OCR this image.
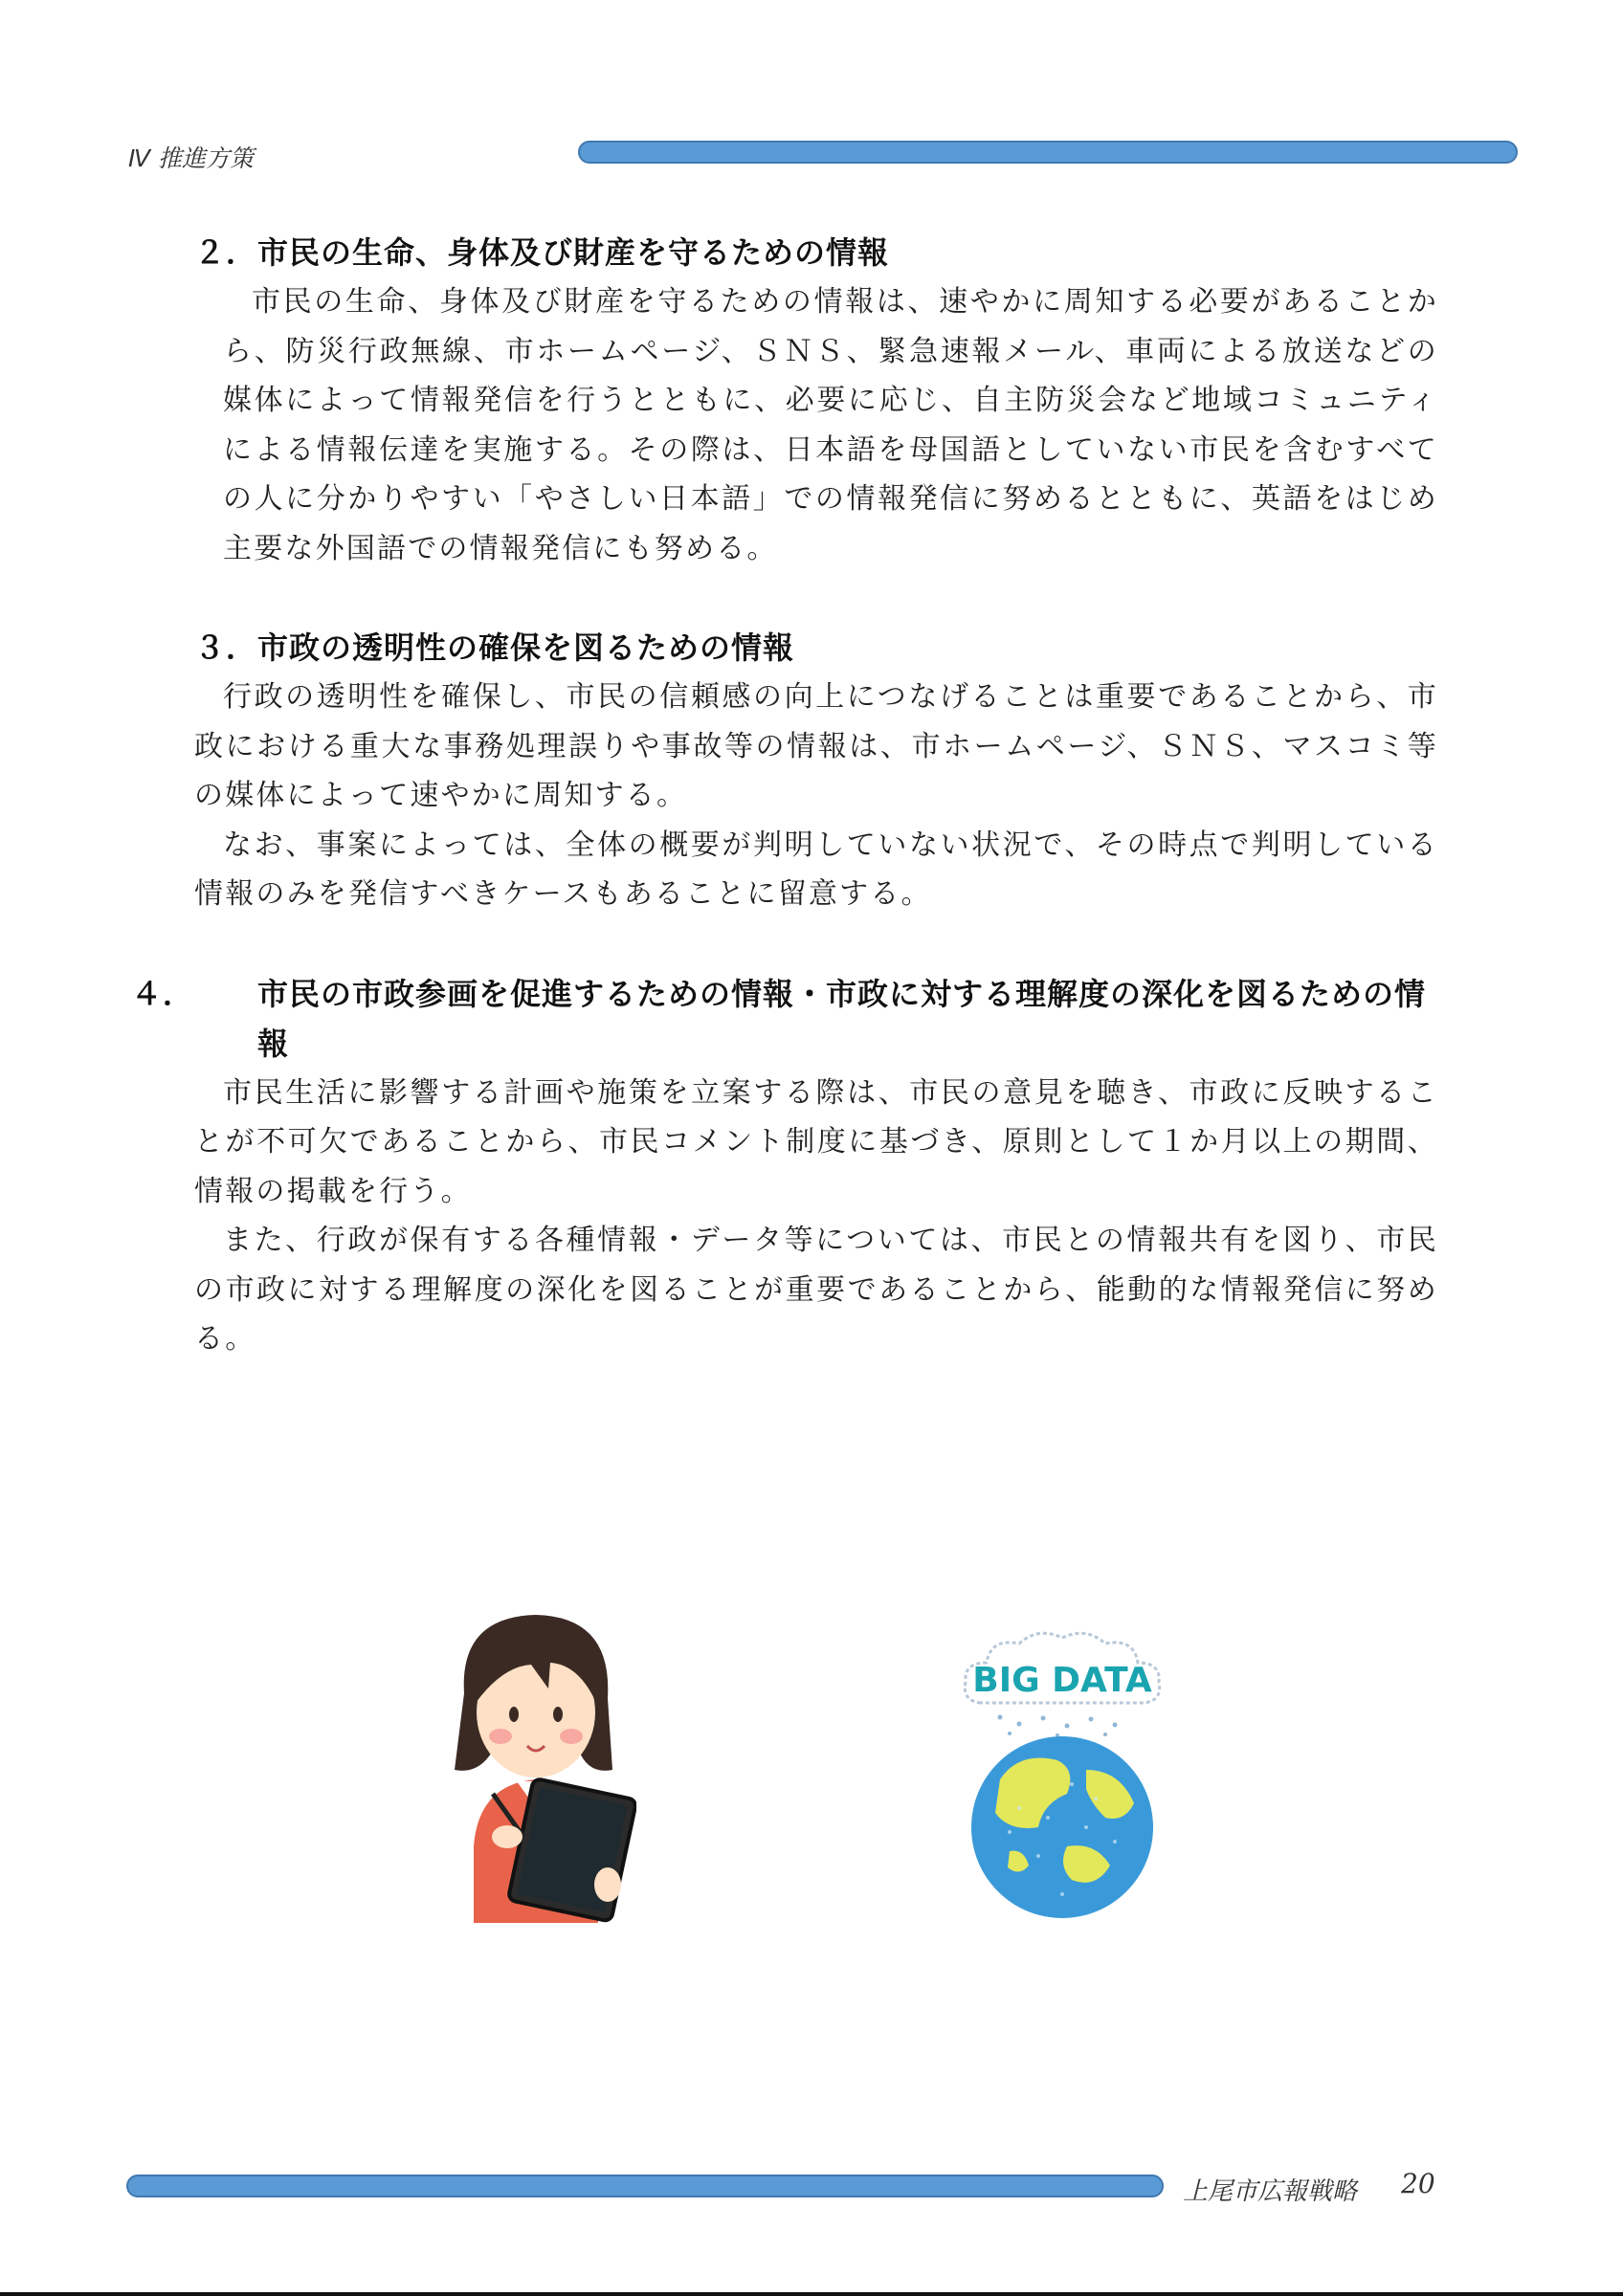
Ⅳ 推進方策
２．市民の生命、身体及び財産を守るための情報

市民の生命、身体及び財産を守るための情報は、速やかに周知する必要があることから、防災行政無線、市ホームページ、ＳＮＳ、緊急速報メール、車両による放送などの媒体によって情報発信を行うとともに、必要に応じ、自主防災会など地域コミュニティによる情報伝達を実施する。その際は、日本語を母国語としていない市民を含むすべての人に分かりやすい「やさしい日本語」での情報発信に努めるとともに、英語をはじめ主要な外国語での情報発信にも努める。

３．市政の透明性の確保を図るための情報

行政の透明性を確保し、市民の信頼感の向上につなげることは重要であることから、市政における重大な事務処理誤りや事故等の情報は、市ホームページ、ＳＮＳ、マスコミ等の媒体によって速やかに周知する。

なお、事案によっては、全体の概要が判明していない状況で、その時点で判明している情報のみを発信すべきケースもあることに留意する。

４． 市民の市政参画を促進するための情報・市政に対する理解度の深化を図るための情報

市民生活に影響する計画や施策を立案する際は、市民の意見を聴き、市政に反映することが不可欠であることから、市民コメント制度に基づき、原則として１か月以上の期間、情報の掲載を行う。

また、行政が保有する各種情報・データ等については、市民との情報共有を図り、市民の市政に対する理解度の深化を図ることが重要であることから、能動的な情報発信に努める。

BIG DATA
上尾市広報戦略 20
